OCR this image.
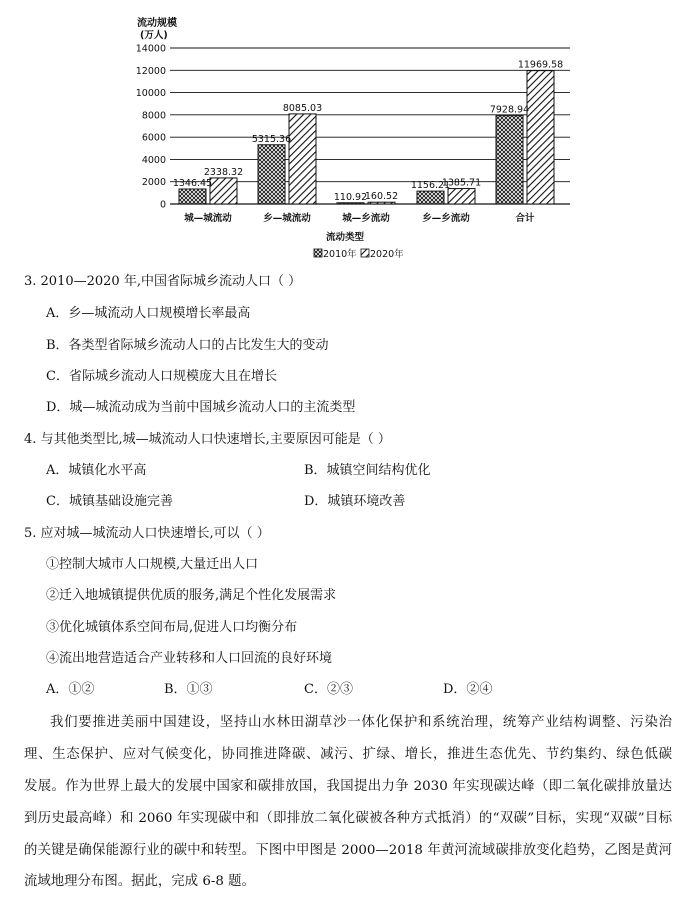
流动规模
(万人)
0
2000
4000
6000
8000
10000
12000
14000
1346.45
2338.32
5315.36
8085.03
110.92
160.52
1156.21
1385.71
7928.94
11969.58
城—城流动	乡—城流动	城—乡流动	乡—乡流动	合计
流动类型
2010年 2020年
3. 2010—2020 年,中国省际城乡流动人口（ ）
A．乡—城流动人口规模增长率最高
B．各类型省际城乡流动人口的占比发生大的变动
C．省际城乡流动人口规模庞大且在增长
D．城—城流动成为当前中国城乡流动人口的主流类型
4. 与其他类型比,城—城流动人口快速增长,主要原因可能是（ ）
A．城镇化水平高	B．城镇空间结构优化
C．城镇基础设施完善	D．城镇环境改善
5. 应对城—城流动人口快速增长,可以（ ）
①控制大城市人口规模,大量迁出人口
②迁入地城镇提供优质的服务,满足个性化发展需求
③优化城镇体系空间布局,促进人口均衡分布
④流出地营造适合产业转移和人口回流的良好环境
A．①②	B．①③	C．②③	D．②④
我们要推进美丽中国建设，坚持山水林田湖草沙一体化保护和系统治理，统筹产业结构调整、污染治
理、生态保护、应对气候变化，协同推进降碳、减污、扩绿、增长，推进生态优先、节约集约、绿色低碳
发展。作为世界上最大的发展中国家和碳排放国，我国提出力争 2030 年实现碳达峰（即二氧化碳排放量达
到历史最高峰）和 2060 年实现碳中和（即排放二氧化碳被各种方式抵消）的“双碳”目标，实现“双碳”目标
的关键是确保能源行业的碳中和转型。下图中甲图是 2000—2018 年黄河流域碳排放变化趋势，乙图是黄河
流域地理分布图。据此，完成 6-8 题。
